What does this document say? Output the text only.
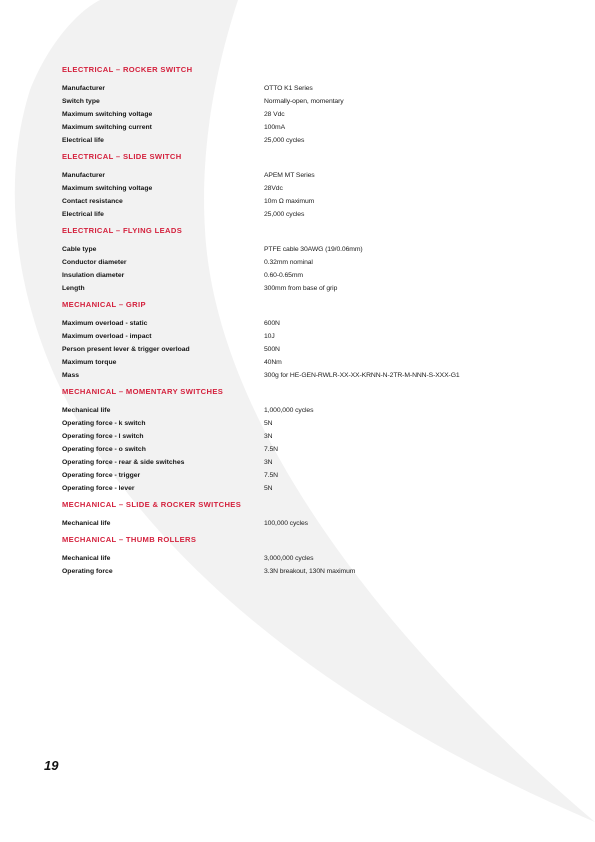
ELECTRICAL – ROCKER SWITCH
Manufacturer	OTTO K1 Series
Switch type	Normally-open, momentary
Maximum switching voltage	28 Vdc
Maximum switching current	100mA
Electrical life	25,000 cycles
ELECTRICAL – SLIDE SWITCH
Manufacturer	APEM MT Series
Maximum switching voltage	28Vdc
Contact resistance	10m Ω maximum
Electrical life	25,000 cycles
ELECTRICAL – FLYING LEADS
Cable type	PTFE cable 30AWG (19/0.06mm)
Conductor diameter	0.32mm nominal
Insulation diameter	0.60-0.65mm
Length	300mm from base of grip
MECHANICAL – GRIP
Maximum overload - static	600N
Maximum overload - impact	10J
Person present lever & trigger overload	500N
Maximum torque	40Nm
Mass	300g for HE-GEN-RWLR-XX-XX-KRNN-N-2TR-M-NNN-S-XXX-G1
MECHANICAL – MOMENTARY SWITCHES
Mechanical life	1,000,000 cycles
Operating force - k switch	5N
Operating force - l switch	3N
Operating force - o switch	7.5N
Operating force - rear & side switches	3N
Operating force - trigger	7.5N
Operating force - lever	5N
MECHANICAL – SLIDE & ROCKER SWITCHES
Mechanical life	100,000 cycles
MECHANICAL – THUMB ROLLERS
Mechanical life	3,000,000 cycles
Operating force	3.3N breakout, 130N maximum
19
